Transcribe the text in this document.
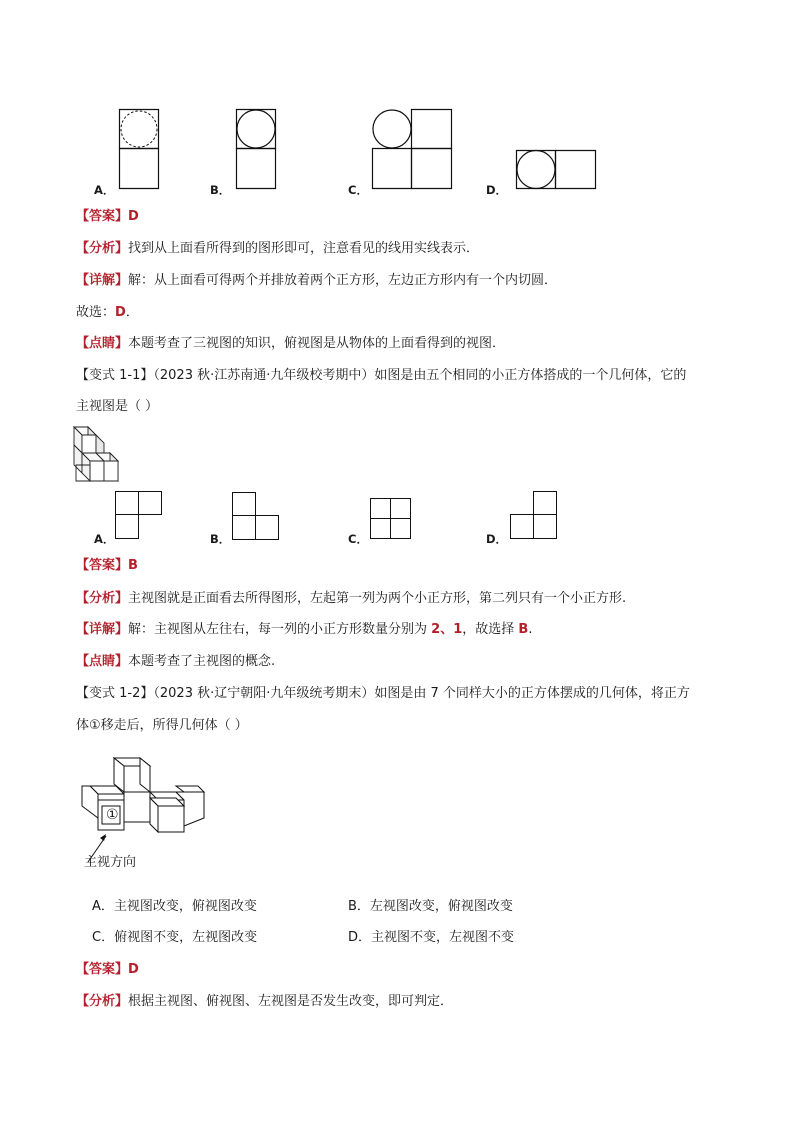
A．	B．	C．	D．
【答案】D
【分析】找到从上面看所得到的图形即可，注意看见的线用实线表示．
【详解】解：从上面看可得两个并排放着两个正方形，左边正方形内有一个内切圆．
故选：D．
【点睛】本题考查了三视图的知识，俯视图是从物体的上面看得到的视图．
【变式 1-1】（2023 秋·江苏南通·九年级校考期中）如图是由五个相同的小正方体搭成的一个几何体，它的
主视图是（ ）
A．	B．	C．	D．
【答案】B
【分析】主视图就是正面看去所得图形，左起第一列为两个小正方形，第二列只有一个小正方形.
【详解】解：主视图从左往右，每一列的小正方形数量分别为 2、1，故选择 B.
【点睛】本题考查了主视图的概念.
【变式 1-2】（2023 秋·辽宁朝阳·九年级统考期末）如图是由 7 个同样大小的正方体摆成的几何体，将正方
体①移走后，所得几何体（ ）
①
主视方向
A．主视图改变，俯视图改变	B．左视图改变，俯视图改变
C．俯视图不变，左视图改变	D．主视图不变，左视图不变
【答案】D
【分析】根据主视图、俯视图、左视图是否发生改变，即可判定．
